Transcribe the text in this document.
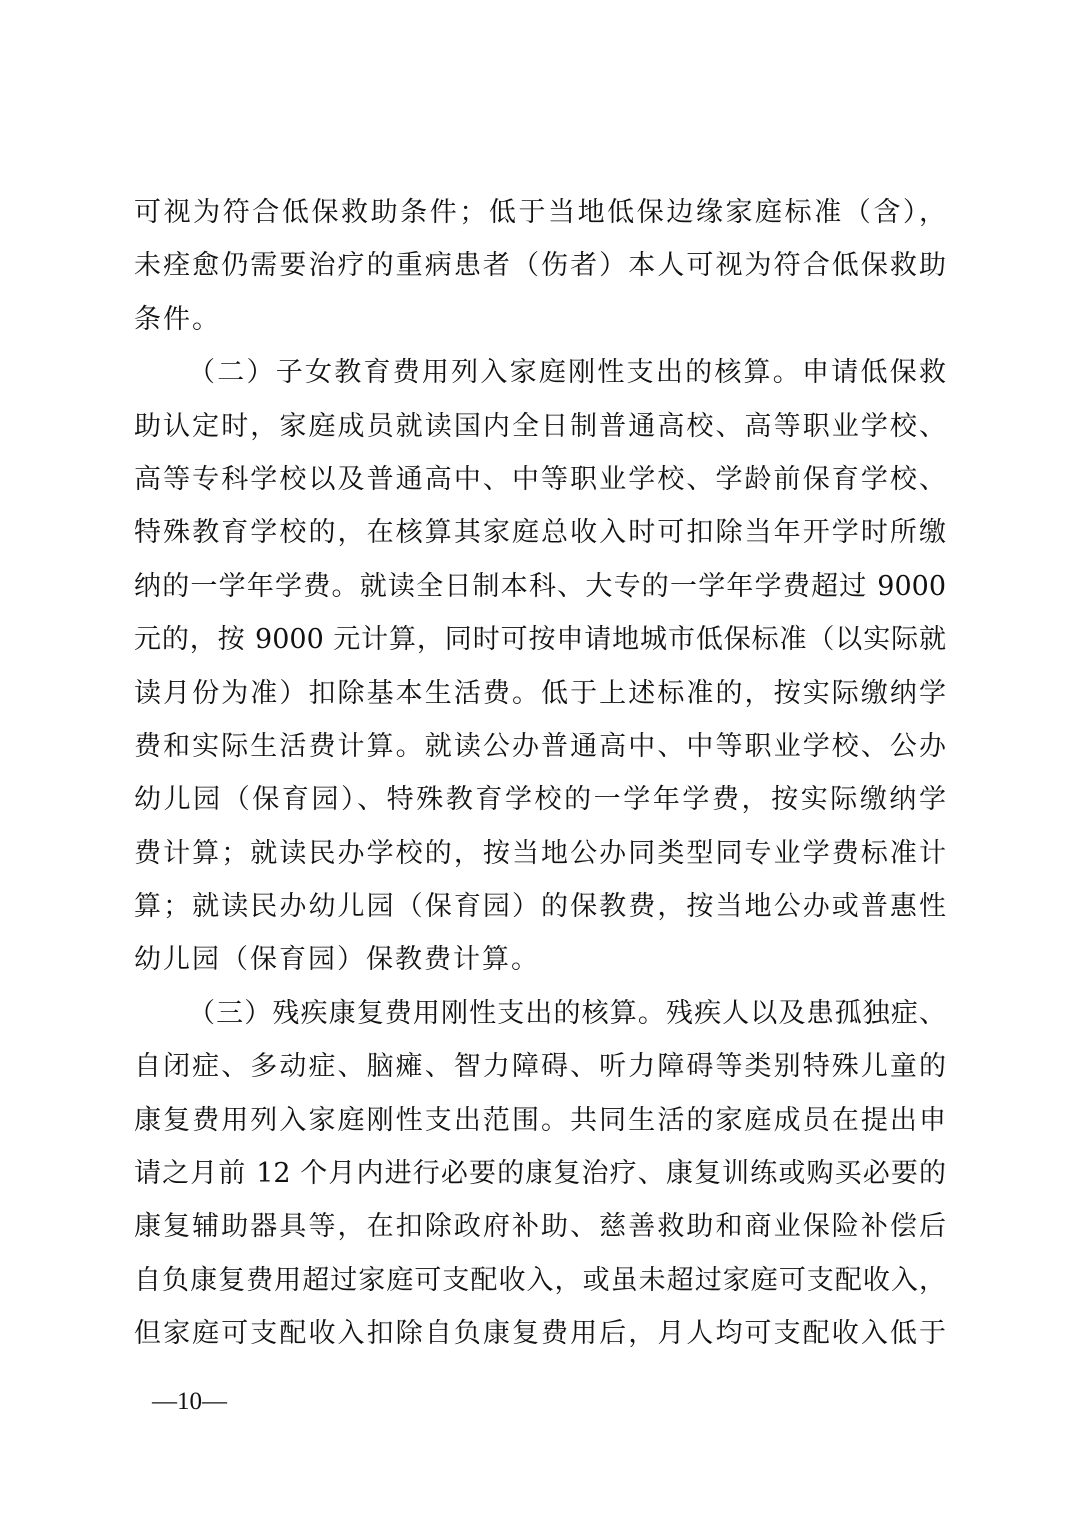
可视为符合低保救助条件；低于当地低保边缘家庭标准（含），
未痊愈仍需要治疗的重病患者（伤者）本人可视为符合低保救助
条件。
（二）子女教育费用列入家庭刚性支出的核算。申请低保救
助认定时，家庭成员就读国内全日制普通高校、高等职业学校、
高等专科学校以及普通高中、中等职业学校、学龄前保育学校、
特殊教育学校的，在核算其家庭总收入时可扣除当年开学时所缴
纳的一学年学费。就读全日制本科、大专的一学年学费超过 9000
元的，按 9000 元计算，同时可按申请地城市低保标准（以实际就
读月份为准）扣除基本生活费。低于上述标准的，按实际缴纳学
费和实际生活费计算。就读公办普通高中、中等职业学校、公办
幼儿园（保育园）、特殊教育学校的一学年学费，按实际缴纳学
费计算；就读民办学校的，按当地公办同类型同专业学费标准计
算；就读民办幼儿园（保育园）的保教费，按当地公办或普惠性
幼儿园（保育园）保教费计算。
（三）残疾康复费用刚性支出的核算。残疾人以及患孤独症、
自闭症、多动症、脑瘫、智力障碍、听力障碍等类别特殊儿童的
康复费用列入家庭刚性支出范围。共同生活的家庭成员在提出申
请之月前 12 个月内进行必要的康复治疗、康复训练或购买必要的
康复辅助器具等，在扣除政府补助、慈善救助和商业保险补偿后
自负康复费用超过家庭可支配收入，或虽未超过家庭可支配收入，
但家庭可支配收入扣除自负康复费用后，月人均可支配收入低于
—10—
